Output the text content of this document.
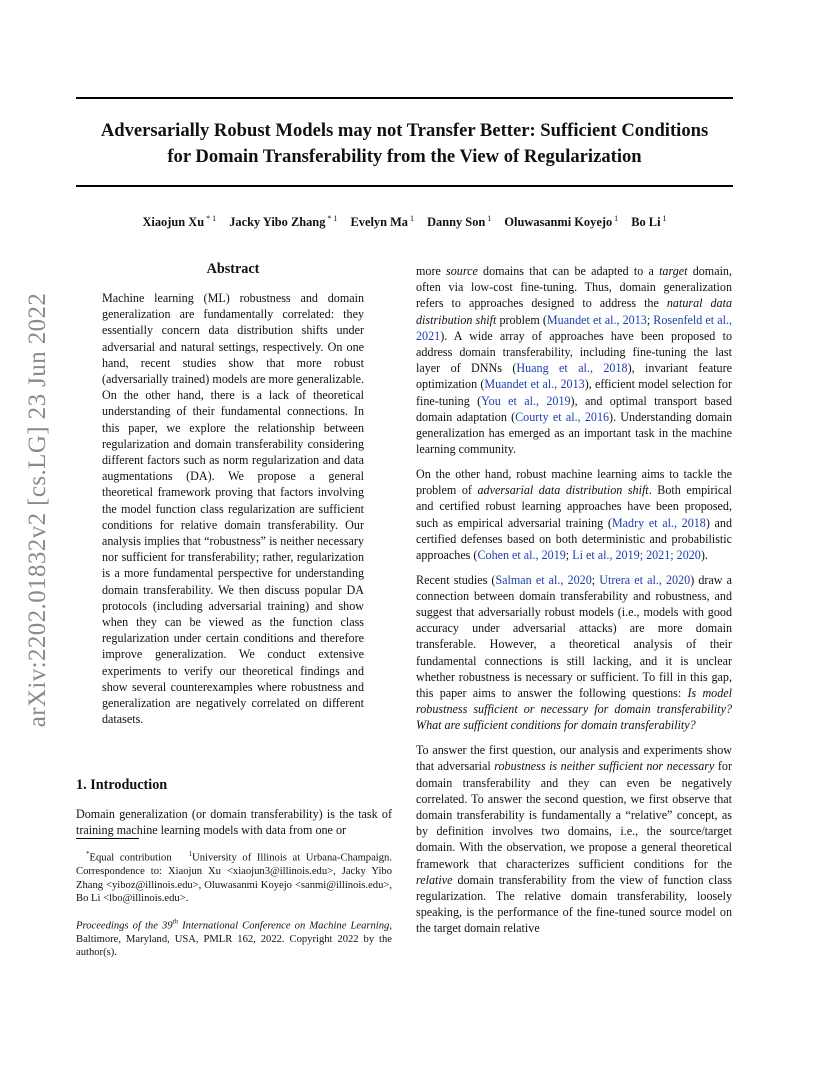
Adversarially Robust Models may not Transfer Better: Sufficient Conditions
for Domain Transferability from the View of Regularization
Xiaojun Xu $^{* 1}$ Jacky Yibo Zhang $^{* 1}$ Evelyn Ma $^1$ Danny Son $^1$ Oluwasanmi Koyejo $^1$ Bo Li $^1$
arXiv:2202.01832v2 [cs.LG] 23 Jun 2022
Abstract
Machine learning (ML) robustness and domain generalization are fundamentally correlated: they essentially concern data distribution shifts under adversarial and natural settings, respectively. On one hand, recent studies show that more robust (adversarially trained) models are more generalizable. On the other hand, there is a lack of theoretical understanding of their fundamental connections. In this paper, we explore the relationship between regularization and domain transferability considering different factors such as norm regularization and data augmentations (DA). We propose a general theoretical framework proving that factors involving the model function class regularization are sufficient conditions for relative domain transferability. Our analysis implies that “robustness” is neither necessary nor sufficient for transferability; rather, regularization is a more fundamental perspective for understanding domain transferability. We then discuss popular DA protocols (including adversarial training) and show when they can be viewed as the function class regularization under certain conditions and therefore improve generalization. We conduct extensive experiments to verify our theoretical findings and show several counterexamples where robustness and generalization are negatively correlated on different datasets.
1. Introduction
Domain generalization (or domain transferability) is the task of training machine learning models with data from one or

*Equal contribution $^1$University of Illinois at Urbana-Champaign. Correspondence to: Xiaojun Xu <xiaojun3@illinois.edu>, Jacky Yibo Zhang <yiboz@illinois.edu>, Oluwasanmi Koyejo <sanmi@illinois.edu>, Bo Li <lbo@illinois.edu>.

Proceedings of the 39th International Conference on Machine Learning, Baltimore, Maryland, USA, PMLR 162, 2022. Copyright 2022 by the author(s).

more source domains that can be adapted to a target domain, often via low-cost fine-tuning. Thus, domain generalization refers to approaches designed to address the natural data distribution shift problem (Muandet et al., 2013; Rosenfeld et al., 2021). A wide array of approaches have been proposed to address domain transferability, including fine-tuning the last layer of DNNs (Huang et al., 2018), invariant feature optimization (Muandet et al., 2013), efficient model selection for fine-tuning (You et al., 2019), and optimal transport based domain adaptation (Courty et al., 2016). Understanding domain generalization has emerged as an important task in the machine learning community.

On the other hand, robust machine learning aims to tackle the problem of adversarial data distribution shift. Both empirical and certified robust learning approaches have been proposed, such as empirical adversarial training (Madry et al., 2018) and certified defenses based on both deterministic and probabilistic approaches (Cohen et al., 2019; Li et al., 2019; 2021; 2020).

Recent studies (Salman et al., 2020; Utrera et al., 2020) draw a connection between domain transferability and robustness, and suggest that adversarially robust models (i.e., models with good accuracy under adversarial attacks) are more domain transferable. However, a theoretical analysis of their fundamental connections is still lacking, and it is unclear whether robustness is necessary or sufficient. To fill in this gap, this paper aims to answer the following questions: Is model robustness sufficient or necessary for domain transferability? What are sufficient conditions for domain transferability?

To answer the first question, our analysis and experiments show that adversarial robustness is neither sufficient nor necessary for domain transferability and they can even be negatively correlated. To answer the second question, we first observe that domain transferability is fundamentally a “relative” concept, as by definition involves two domains, i.e., the source/target domain. With the observation, we propose a general theoretical framework that characterizes sufficient conditions for the relative domain transferability from the view of function class regularization. The relative domain transferability, loosely speaking, is the performance of the fine-tuned source model on the target domain relative
